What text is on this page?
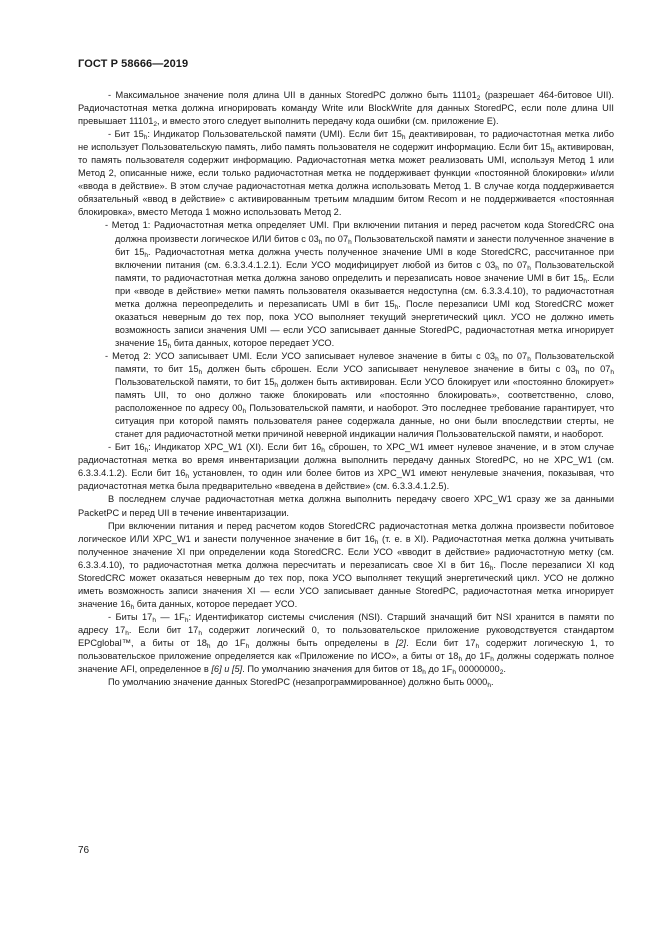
ГОСТ Р 58666—2019

- Максимальное значение поля длина UII в данных StoredPC должно быть $11101_2$ (разрешает 464-битовое UII). Радиочастотная метка должна игнорировать команду Write или BlockWrite для данных StoredPC, если поле длина UII превышает $11101_2$, и вместо этого следует выполнить передачу кода ошибки (см. приложение E).

- Бит $15_h$: Индикатор Пользовательской памяти (UMI). Если бит $15_h$ деактивирован, то радиочастотная метка либо не использует Пользовательскую память, либо память пользователя не содержит информацию. Если бит $15_h$ активирован, то память пользователя содержит информацию. Радиочастотная метка может реализовать UMI, используя Метод 1 или Метод 2, описанные ниже, если только радиочастотная метка не поддерживает функции «постоянной блокировки» и/или «ввода в действие». В этом случае радиочастотная метка должна использовать Метод 1. В случае когда поддерживается обязательный «ввод в действие» с активированным третьим младшим битом Recom и не поддерживается «постоянная блокировка», вместо Метода 1 можно использовать Метод 2.

- Метод 1: Радиочастотная метка определяет UMI. При включении питания и перед расчетом кода StoredCRC она должна произвести логическое ИЛИ битов с $03_h$ по $07_h$ Пользовательской памяти и занести полученное значение в бит $15_h$. Радиочастотная метка должна учесть полученное значение UMI в коде StoredCRC, рассчитанное при включении питания (см. 6.3.3.4.1.2.1). Если УСО модифицирует любой из битов с $03_h$ по $07_h$ Пользовательской памяти, то радиочастотная метка должна заново определить и перезаписать новое значение UMI в бит $15_h$. Если при «вводе в действие» метки память пользователя оказывается недоступна (см. 6.3.3.4.10), то радиочастотная метка должна переопределить и перезаписать UMI в бит $15_h$. После перезаписи UMI код StoredCRC может оказаться неверным до тех пор, пока УСО выполняет текущий энергетический цикл. УСО не должно иметь возможность записи значения UMI — если УСО записывает данные StoredPC, радиочастотная метка игнорирует значение $15_h$ бита данных, которое передает УСО.

- Метод 2: УСО записывает UMI. Если УСО записывает нулевое значение в биты с $03_h$ по $07_h$ Пользовательской памяти, то бит $15_h$ должен быть сброшен. Если УСО записывает ненулевое значение в биты с $03_h$ по $07_h$ Пользовательской памяти, то бит $15_h$ должен быть активирован. Если УСО блокирует или «постоянно блокирует» память UII, то оно должно также блокировать или «постоянно блокировать», соответственно, слово, расположенное по адресу $00_h$ Пользовательской памяти, и наоборот. Это последнее требование гарантирует, что ситуация при которой память пользователя ранее содержала данные, но они были впоследствии стерты, не станет для радиочастотной метки причиной неверной индикации наличия Пользовательской памяти, и наоборот.

- Бит $16_h$: Индикатор XPC_W1 (XI). Если бит $16_h$ сброшен, то XPC_W1 имеет нулевое значение, и в этом случае радиочастотная метка во время инвентаризации должна выполнить передачу данных StoredPC, но не XPC_W1 (см. 6.3.3.4.1.2). Если бит $16_h$ установлен, то один или более битов из XPC_W1 имеют ненулевые значения, показывая, что радиочастотная метка была предварительно «введена в действие» (см. 6.3.3.4.1.2.5).

В последнем случае радиочастотная метка должна выполнить передачу своего XPC_W1 сразу же за данными PacketPC и перед UII в течение инвентаризации.

При включении питания и перед расчетом кодов StoredCRC радиочастотная метка должна произвести побитовое логическое ИЛИ XPC_W1 и занести полученное значение в бит $16_h$ (т. е. в XI). Радиочастотная метка должна учитывать полученное значение XI при определении кода StoredCRC. Если УСО «вводит в действие» радиочастотную метку (см. 6.3.3.4.10), то радиочастотная метка должна пересчитать и перезаписать свое XI в бит $16_h$. После перезаписи XI код StoredCRC может оказаться неверным до тех пор, пока УСО выполняет текущий энергетический цикл. УСО не должно иметь возможность записи значения XI — если УСО записывает данные StoredPC, радиочастотная метка игнорирует значение $16_h$ бита данных, которое передает УСО.

- Биты $17_h$ — $1F_h$: Идентификатор системы счисления (NSI). Старший значащий бит NSI хранится в памяти по адресу $17_h$. Если бит $17_h$ содержит логический 0, то пользовательское приложение руководствуется стандартом EPCglobal™, а биты от $18_h$ до $1F_h$ должны быть определены в [2]. Если бит $17_h$ содержит логическую 1, то пользовательское приложение определяется как «Приложение по ИСО», а биты от $18_h$ до $1F_h$ должны содержать полное значение AFI, определенное в [6] и [5]. По умолчанию значения для битов от $18_h$ до $1F_h$ $00000000_2$.

По умолчанию значение данных StoredPC (незапрограммированное) должно быть $0000_h$.

76
